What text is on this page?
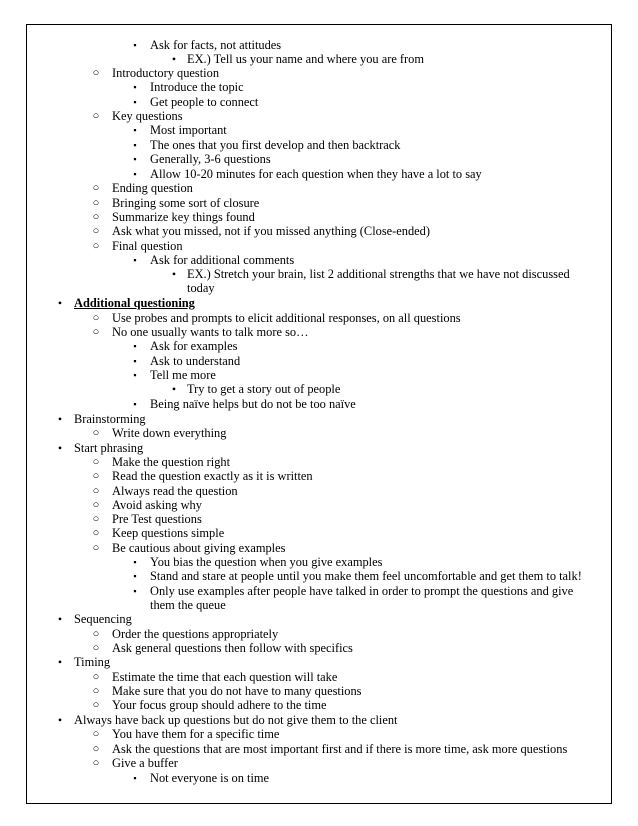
▪	Ask for facts, not attitudes
• EX.) Tell us your name and where you are from
○ Introductory question
▪	Introduce the topic
▪	Get people to connect
○ Key questions
▪	Most important
▪	The ones that you first develop and then backtrack
▪	Generally, 3-6 questions
▪	Allow 10-20 minutes for each question when they have a lot to say
○ Ending question
○ Bringing some sort of closure
○ Summarize key things found
○ Ask what you missed, not if you missed anything (Close-ended)
○ Final question
▪	Ask for additional comments
• EX.) Stretch your brain, list 2 additional strengths that we have not discussed
today
• Additional questioning
○ Use probes and prompts to elicit additional responses, on all questions
○ No one usually wants to talk more so…
▪	Ask for examples
▪	Ask to understand
▪	Tell me more
• Try to get a story out of people
▪	Being naïve helps but do not be too naïve
• Brainstorming
○ Write down everything
• Start phrasing
○ Make the question right
○ Read the question exactly as it is written
○ Always read the question
○ Avoid asking why
○ Pre Test questions
○ Keep questions simple
○ Be cautious about giving examples
▪	You bias the question when you give examples
▪	Stand and stare at people until you make them feel uncomfortable and get them to talk!
▪	Only use examples after people have talked in order to prompt the questions and give
them the queue
• Sequencing
○ Order the questions appropriately
○ Ask general questions then follow with specifics
• Timing
○ Estimate the time that each question will take
○ Make sure that you do not have to many questions
○ Your focus group should adhere to the time
• Always have back up questions but do not give them to the client
○ You have them for a specific time
○ Ask the questions that are most important first and if there is more time, ask more questions
○ Give a buffer
▪	Not everyone is on time
